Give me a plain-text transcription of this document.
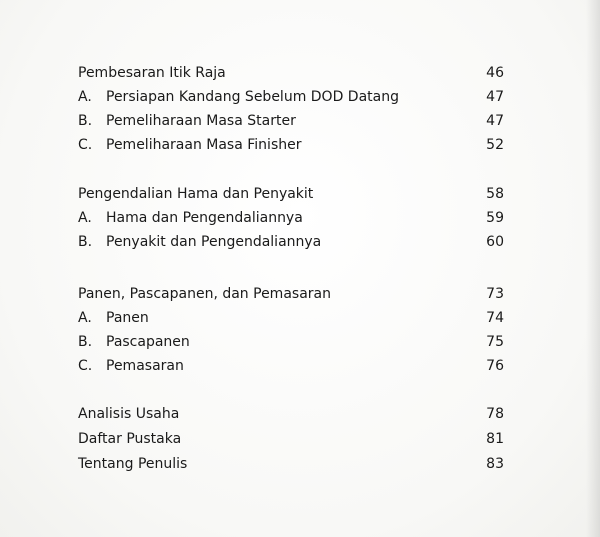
Pembesaran Itik Raja	46
A. Persiapan Kandang Sebelum DOD Datang	47
B. Pemeliharaan Masa Starter	47
C. Pemeliharaan Masa Finisher	52
Pengendalian Hama dan Penyakit	58
A. Hama dan Pengendaliannya	59
B. Penyakit dan Pengendaliannya	60
Panen, Pascapanen, dan Pemasaran	73
A. Panen	74
B. Pascapanen	75
C. Pemasaran	76
Analisis Usaha	78
Daftar Pustaka	81
Tentang Penulis	83
